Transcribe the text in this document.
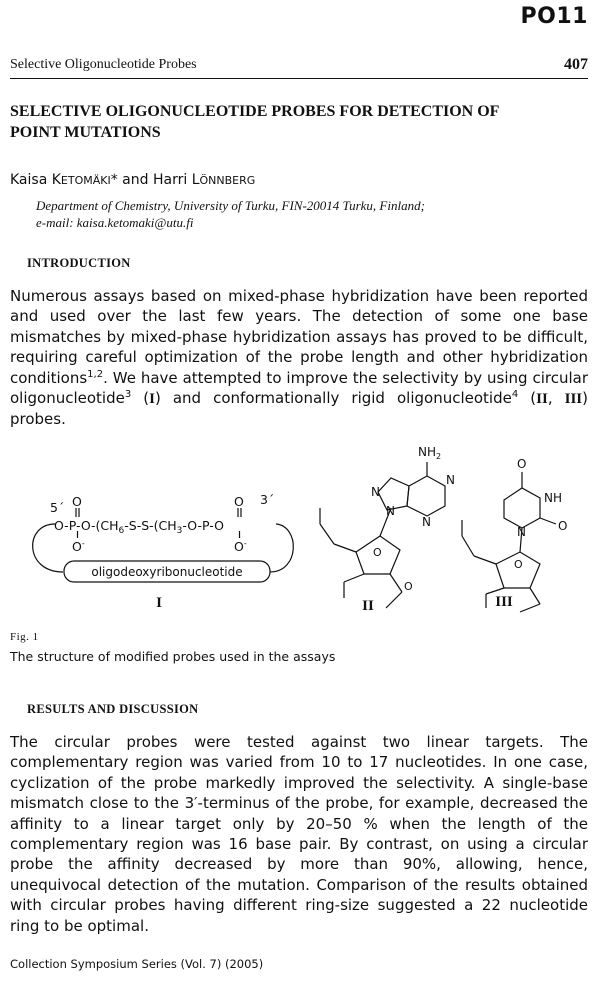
PO11
Selective Oligonucleotide Probes	407
SELECTIVE OLIGONUCLEOTIDE PROBES FOR DETECTION OF
POINT MUTATIONS
Kaisa KETOMÄKI* and Harri LÖNNBERG
Department of Chemistry, University of Turku, FIN-20014 Turku, Finland;
e-mail: kaisa.ketomaki@utu.fi
INTRODUCTION
Numerous assays based on mixed-phase hybridization have been reported and used over the last few years. The detection of some one base mismatches by mixed-phase hybridization assays has proved to be difficult, requiring careful optimization of the probe length and other hybridization conditions$^{1,2}$. We have attempted to improve the selectivity by using circular oligonucleotide$^3$ (I) and conformationally rigid oligonucleotide$^4$ (II, III) probes.
5´ O	3´
O
$O-P-O-(CH_6-S-S-(CH_3-O-P-O$
O-	O-
oligodeoxyribonucleotide
I
$NH_2$
N
N
N
N
O
O
II
O
NH
N	O
O
III
Fig. 1
The structure of modified probes used in the assays
RESULTS AND DISCUSSION
The circular probes were tested against two linear targets. The complementary region was varied from 10 to 17 nucleotides. In one case, cyclization of the probe markedly improved the selectivity. A single-base mismatch close to the 3′-terminus of the probe, for example, decreased the affinity to a linear target only by 20–50 % when the length of the complementary region was 16 base pair. By contrast, on using a circular probe the affinity decreased by more than 90%, allowing, hence, unequivocal detection of the mutation. Comparison of the results obtained with circular probes having different ring-size suggested a 22 nucleotide ring to be optimal.
Collection Symposium Series (Vol. 7) (2005)
